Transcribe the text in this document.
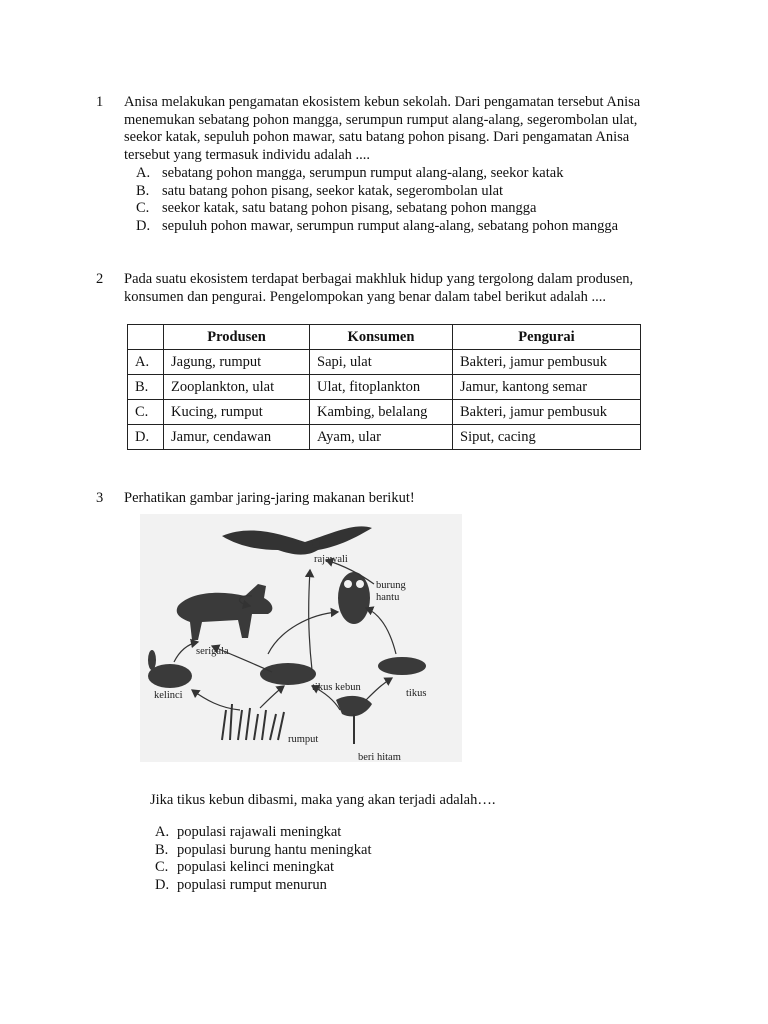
1 Anisa melakukan pengamatan ekosistem kebun sekolah. Dari pengamatan tersebut Anisa
menemukan sebatang pohon mangga, serumpun rumput alang-alang, segerombolan ulat,
seekor katak, sepuluh pohon mawar, satu batang pohon pisang. Dari pengamatan Anisa
tersebut yang termasuk individu adalah ....
A. sebatang pohon mangga, serumpun rumput alang-alang, seekor katak
B. satu batang pohon pisang, seekor katak, segerombolan ulat
C. seekor katak, satu batang pohon pisang, sebatang pohon mangga
D. sepuluh pohon mawar, serumpun rumput alang-alang, sebatang pohon mangga
2 Pada suatu ekosistem terdapat berbagai makhluk hidup yang tergolong dalam produsen,
konsumen dan pengurai. Pengelompokan yang benar dalam tabel berikut adalah ....
	Produsen	Konsumen	Pengurai
A.	Jagung, rumput	Sapi, ulat	Bakteri, jamur pembusuk
B.	Zooplankton, ulat	Ulat, fitoplankton	Jamur, kantong semar
C.	Kucing, rumput	Kambing, belalang	Bakteri, jamur pembusuk
D.	Jamur, cendawan	Ayam, ular	Siput, cacing
3 Perhatikan gambar jaring-jaring makanan berikut!
rajawali
serigala
burung
hantu
kelinci
tikus kebun
tikus
rumput
beri hitam
Jika tikus kebun dibasmi, maka yang akan terjadi adalah….
A. populasi rajawali meningkat
B. populasi burung hantu meningkat
C. populasi kelinci meningkat
D. populasi rumput menurun
